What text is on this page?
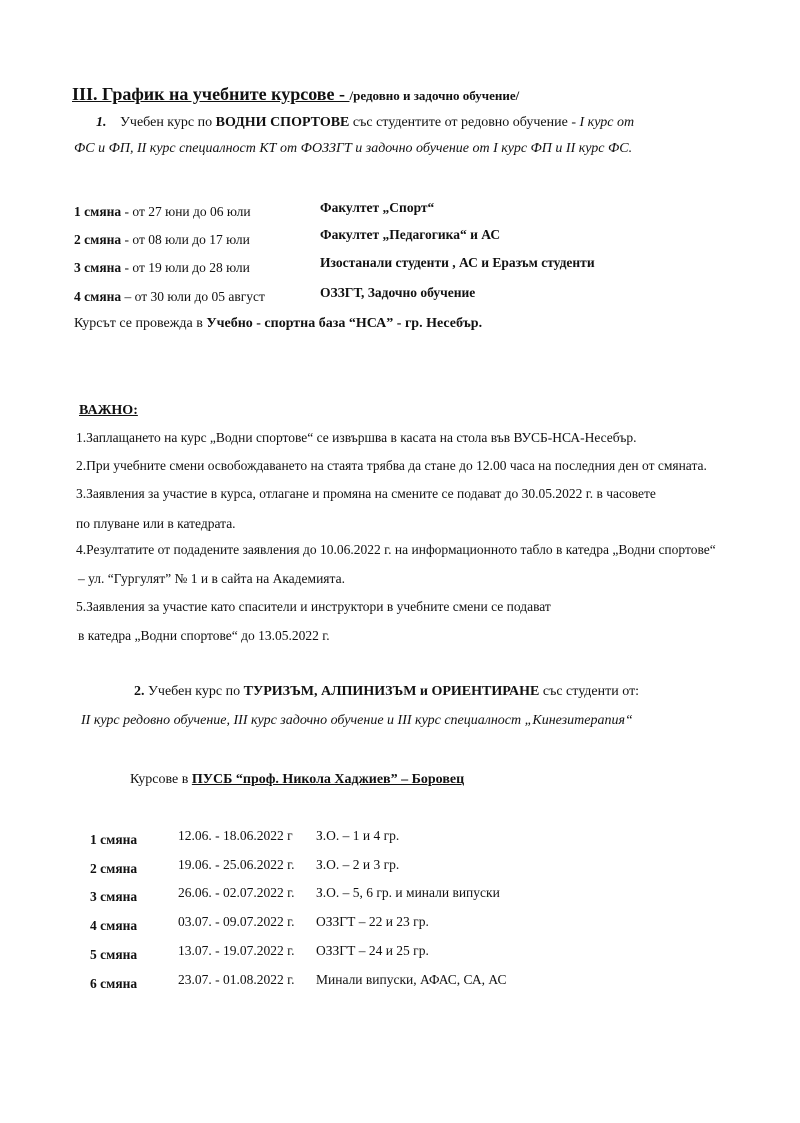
III. График на учебните курсове - /редовно и задочно обучение/
1. Учебен курс по ВОДНИ СПОРТОВЕ със студентите от редовно обучение - I курс от
ФС и ФП, II курс специалност КТ от ФОЗЗГТ и задочно обучение от I курс ФП и II курс ФС.
1 смяна - от 27 юни до 06 юли	Факултет „Спорт“
2 смяна - от 08 юли до 17 юли	Факултет „Педагогика“ и АС
3 смяна - от 19 юли до 28 юли	Изостанали студенти , АС и Еразъм студенти
4 смяна – от 30 юли до 05 август	ОЗЗГТ, Задочно обучение
Курсът се провежда в Учебно - спортна база “НСА” - гр. Несебър.
ВАЖНО:
1.Заплащането на курс „Водни спортове“ се извършва в касата на стола във ВУСБ-НСА-Несебър.
2.При учебните смени освобождаването на стаята трябва да стане до 12.00 часа на последния ден от смяната.
3.Заявления за участие в курса, отлагане и промяна на смените се подават до 30.05.2022 г. в часовете
по плуване или в катедрата.
4.Резултатите от подадените заявления до 10.06.2022 г. на информационното табло в катедра „Водни спортове“
– ул. “Гургулят” № 1 и в сайта на Академията.
5.Заявления за участие като спасители и инструктори в учебните смени се подават
в катедра „Водни спортове“ до 13.05.2022 г.
2. Учебен курс по ТУРИЗЪМ, АЛПИНИЗЪМ и ОРИЕНТИРАНЕ със студенти от:
II курс редовно обучение, III курс задочно обучение и III курс специалност „Кинезитерапия“
Курсове в ПУСБ “проф. Никола Хаджиев” – Боровец
1 смяна	12.06. - 18.06.2022 г З.О. – 1 и 4 гр.
2 смяна	19.06. - 25.06.2022 г. З.О. – 2 и 3 гр.
3 смяна	26.06. - 02.07.2022 г. З.О. – 5, 6 гр. и минали випуски
4 смяна	03.07. - 09.07.2022 г. ОЗЗГТ – 22 и 23 гр.
5 смяна	13.07. - 19.07.2022 г. ОЗЗГТ – 24 и 25 гр.
6 смяна	23.07. - 01.08.2022 г. Минали випуски, АФАС, СА, АС
